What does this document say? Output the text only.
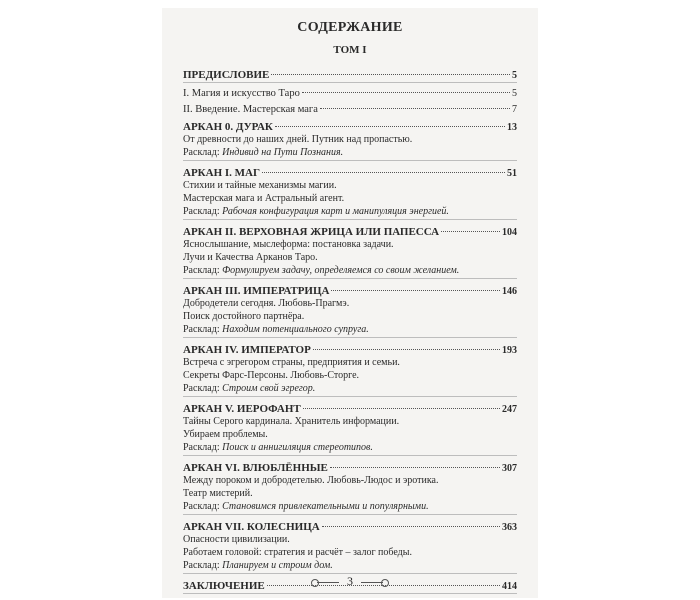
СОДЕРЖАНИЕ
ТОМ I
ПРЕДИСЛОВИЕ	5
I. Магия и искусство Таро	5
II. Введение. Мастерская мага	7
АРКАН 0. ДУРАК	13
От древности до наших дней. Путник над пропастью.
Расклад: Индивид на Пути Познания.
АРКАН I. МАГ	51
Стихии и тайные механизмы магии.
Мастерская мага и Астральный агент.
Расклад: Рабочая конфигурация карт и манипуляция энергией.
АРКАН II. ВЕРХОВНАЯ ЖРИЦА ИЛИ ПАПЕССА	104
Яснослышание, мыслеформа: постановка задачи.
Лучи и Качества Арканов Таро.
Расклад: Формулируем задачу, определяемся со своим желанием.
АРКАН III. ИМПЕРАТРИЦА	146
Добродетели сегодня. Любовь-Прагмэ.
Поиск достойного партнёра.
Расклад: Находим потенциального супруга.
АРКАН IV. ИМПЕРАТОР	193
Встреча с эгрегором страны, предприятия и семьи.
Секреты Фарс-Персоны. Любовь-Сторге.
Расклад: Строим свой эгрегор.
АРКАН V. ИЕРОФАНТ	247
Тайны Серого кардинала. Хранитель информации.
Убираем проблемы.
Расклад: Поиск и аннигиляция стереотипов.
АРКАН VI. ВЛЮБЛЁННЫЕ	307
Между пороком и добродетелью. Любовь-Людос и эротика.
Театр мистерий.
Расклад: Становимся привлекательными и популярными.
АРКАН VII. КОЛЕСНИЦА	363
Опасности цивилизации.
Работаем головой: стратегия и расчёт – залог победы.
Расклад: Планируем и строим дом.
ЗАКЛЮЧЕНИЕ	414
3
